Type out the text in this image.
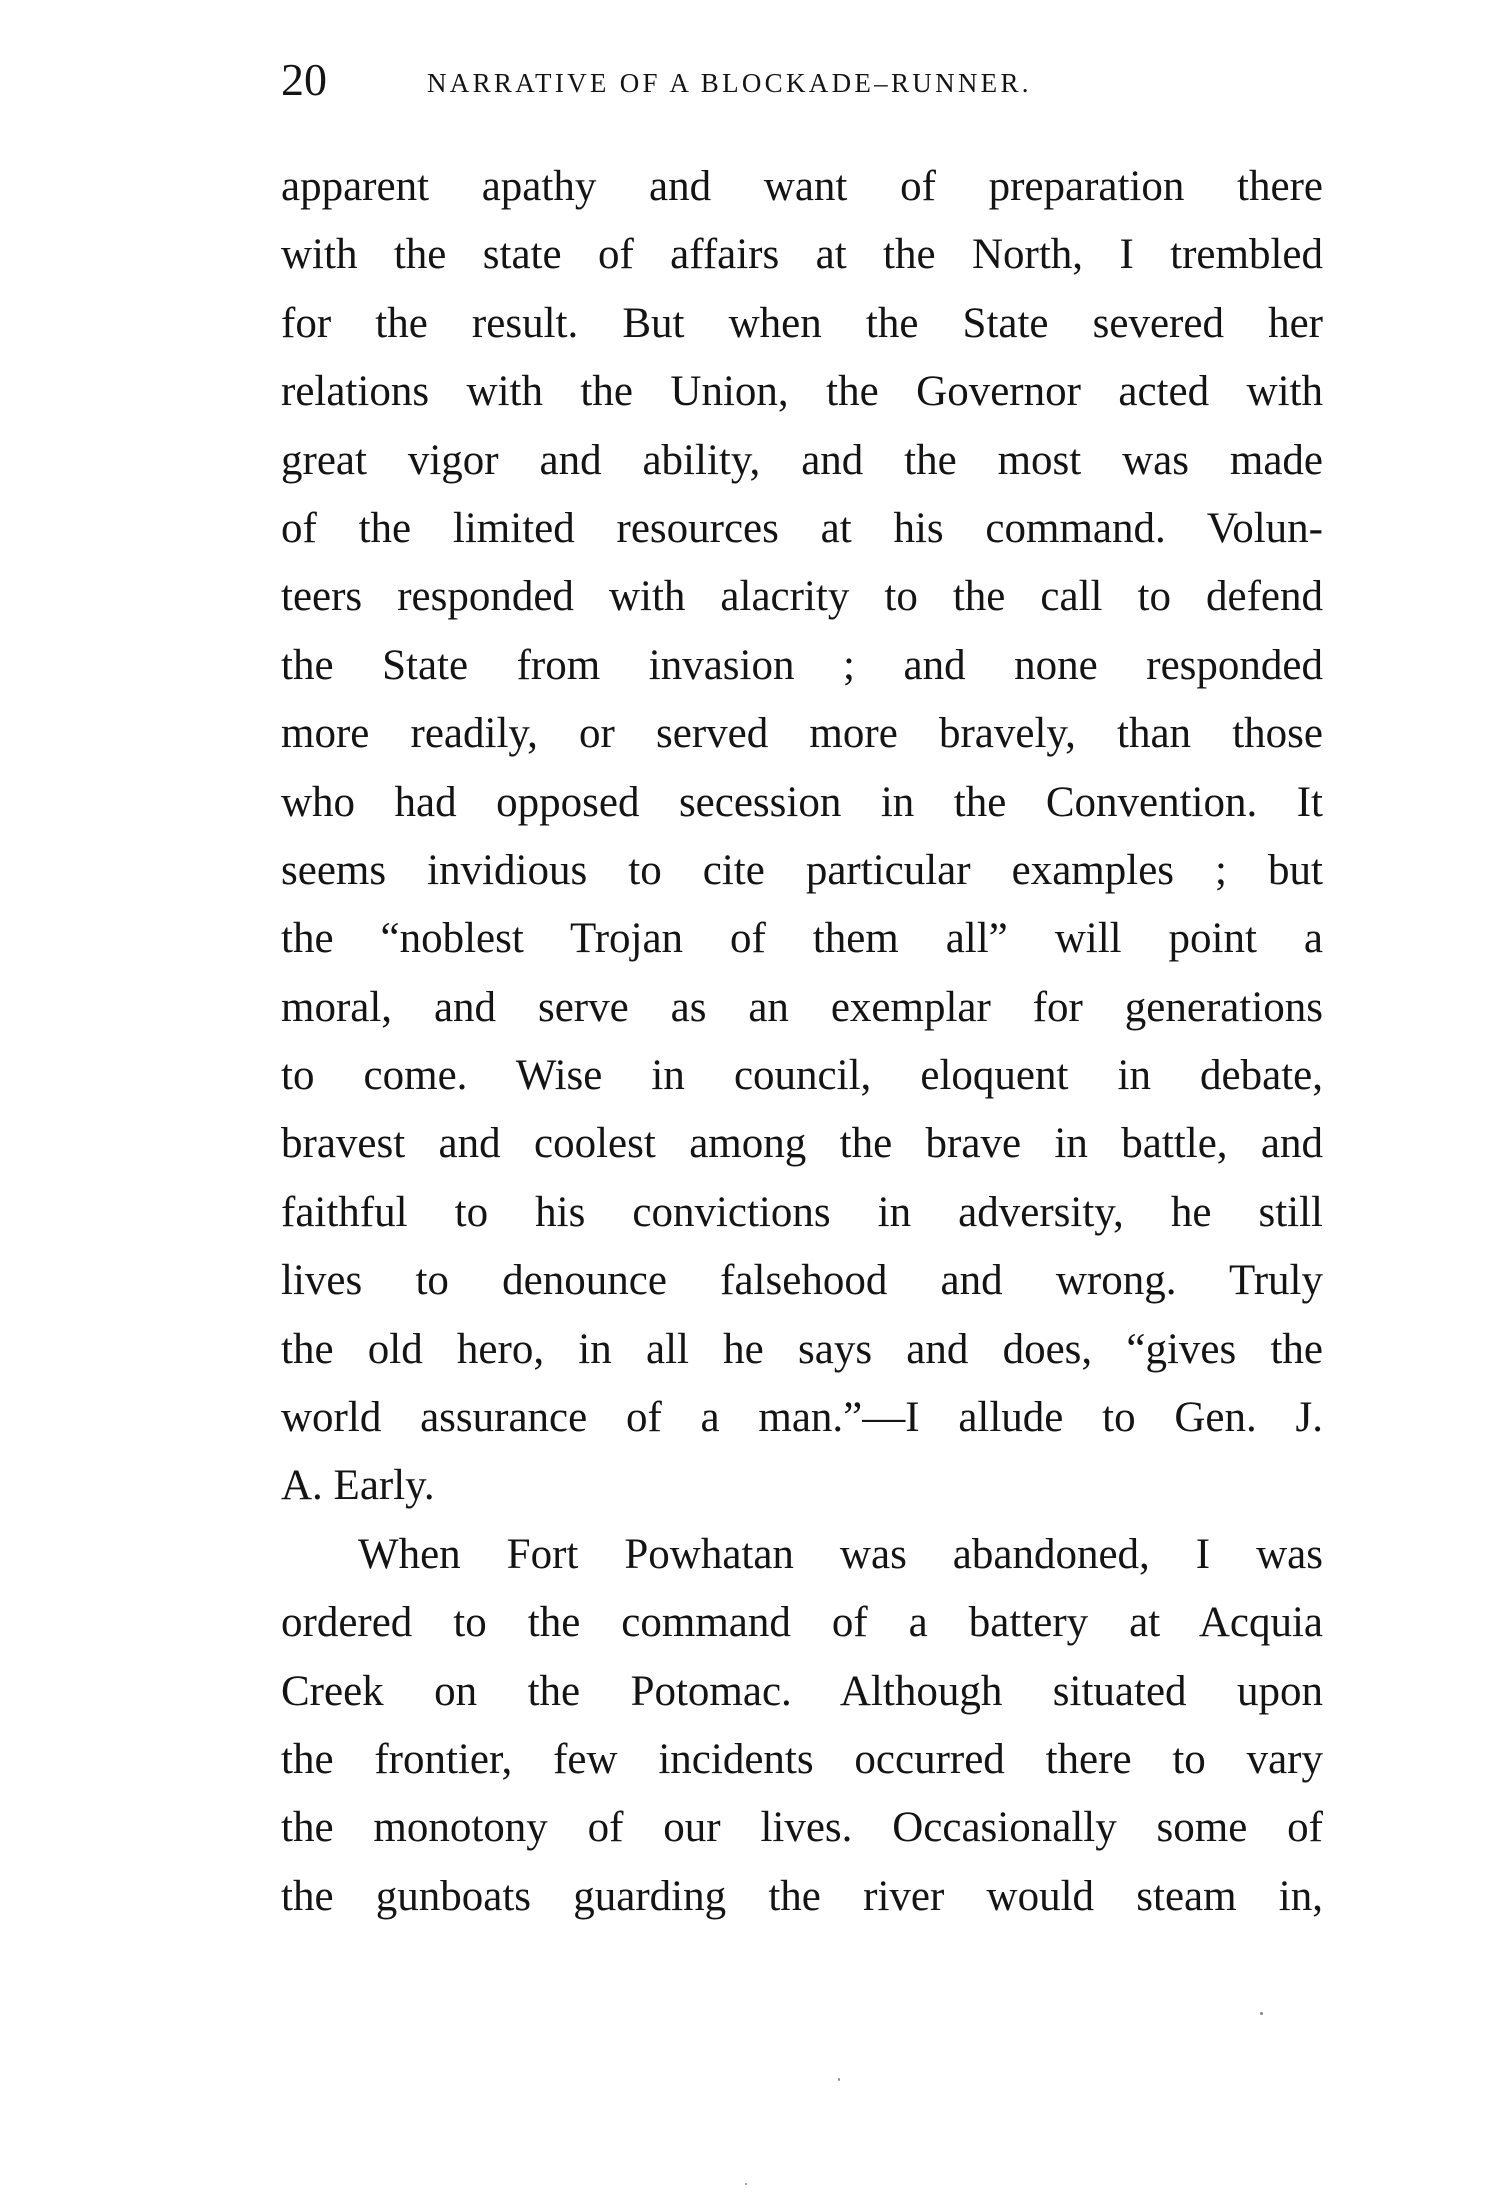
20	NARRATIVE OF A BLOCKADE–RUNNER.
apparent apathy and want of preparation there
with the state of affairs at the North, I trembled
for the result. But when the State severed her
relations with the Union, the Governor acted with
great vigor and ability, and the most was made
of the limited resources at his command. Volun-
teers responded with alacrity to the call to defend
the State from invasion ; and none responded
more readily, or served more bravely, than those
who had opposed secession in the Convention. It
seems invidious to cite particular examples ; but
the “noblest Trojan of them all” will point a
moral, and serve as an exemplar for generations
to come. Wise in council, eloquent in debate,
bravest and coolest among the brave in battle, and
faithful to his convictions in adversity, he still
lives to denounce falsehood and wrong. Truly
the old hero, in all he says and does, “gives the
world assurance of a man.”—I allude to Gen. J.
A. Early.
When Fort Powhatan was abandoned, I was
ordered to the command of a battery at Acquia
Creek on the Potomac. Although situated upon
the frontier, few incidents occurred there to vary
the monotony of our lives. Occasionally some of
the gunboats guarding the river would steam in,
